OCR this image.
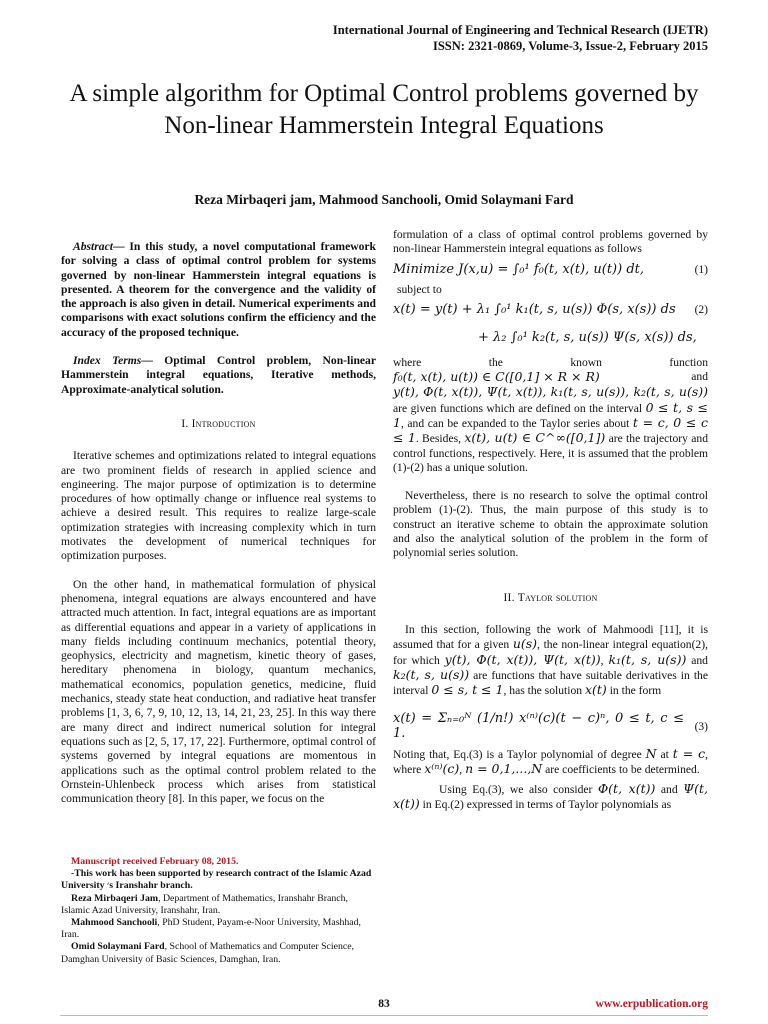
International Journal of Engineering and Technical Research (IJETR)
ISSN: 2321-0869, Volume-3, Issue-2, February 2015
A simple algorithm for Optimal Control problems governed by Non-linear Hammerstein Integral Equations
Reza Mirbaqeri jam, Mahmood Sanchooli, Omid Solaymani Fard

Abstract— In this study, a novel computational framework for solving a class of optimal control problem for systems governed by non-linear Hammerstein integral equations is presented. A theorem for the convergence and the validity of the approach is also given in detail. Numerical experiments and comparisons with exact solutions confirm the efficiency and the accuracy of the proposed technique.

Index Terms— Optimal Control problem, Non-linear Hammerstein integral equations, Iterative methods, Approximate-analytical solution.

I. Introduction

Iterative schemes and optimizations related to integral equations are two prominent fields of research in applied science and engineering. The major purpose of optimization is to determine procedures of how optimally change or influence real systems to achieve a desired result. This requires to realize large-scale optimization strategies with increasing complexity which in turn motivates the development of numerical techniques for optimization purposes.

On the other hand, in mathematical formulation of physical phenomena, integral equations are always encountered and have attracted much attention. In fact, integral equations are as important as differential equations and appear in a variety of applications in many fields including continuum mechanics, potential theory, geophysics, electricity and magnetism, kinetic theory of gases, hereditary phenomena in biology, quantum mechanics, mathematical economics, population genetics, medicine, fluid mechanics, steady state heat conduction, and radiative heat transfer problems [1, 3, 6, 7, 9, 10, 12, 13, 14, 21, 23, 25]. In this way there are many direct and indirect numerical solution for integral equations such as [2, 5, 17, 17, 22]. Furthermore, optimal control of systems governed by integral equations are momentous in applications such as the optimal control problem related to the Ornstein-Uhlenbeck process which arises from statistical communication theory [8]. In this paper, we focus on the

formulation of a class of optimal control problems governed by non-linear Hammerstein integral equations as follows

Minimize J(x,u) = ∫₀¹ f₀(t, x(t), u(t)) dt,	(1)

subject to

x(t) = y(t) + λ₁ ∫₀¹ k₁(t, s, u(s)) Φ(s, x(s)) ds	(2)
+ λ₂ ∫₀¹ k₂(t, s, u(s)) Ψ(s, x(s)) ds,

where the known function f₀(t, x(t), u(t)) ∈ C([0,1] × R × R)	and

y(t), Φ(t, x(t)), Ψ(t, x(t)), k₁(t, s, u(s)), k₂(t, s, u(s)) are given functions which are defined on the interval 0 ≤ t, s ≤ 1, and can be expanded to the Taylor series about t = c, 0 ≤ c ≤ 1. Besides, x(t), u(t) ∈ C^∞([0,1]) are the trajectory and control functions, respectively. Here, it is assumed that the problem (1)-(2) has a unique solution.

Nevertheless, there is no research to solve the optimal control problem (1)-(2). Thus, the main purpose of this study is to construct an iterative scheme to obtain the approximate solution and also the analytical solution of the problem in the form of polynomial series solution.

II. Taylor solution

In this section, following the work of Mahmoodi [11], it is assumed that for a given u(s), the non-linear integral equation(2), for which y(t), Φ(t, x(t)), Ψ(t, x(t)), k₁(t, s, u(s)) and k₂(t, s, u(s)) are functions that have suitable derivatives in the interval 0 ≤ s, t ≤ 1, has the solution x(t) in the form

x(t) = Σₙ₌₀ᴺ (1/n!) x⁽ⁿ⁾(c)(t − c)ⁿ, 0 ≤ t, c ≤ 1.	(3)

Noting that, Eq.(3) is a Taylor polynomial of degree N at t = c, where x⁽ⁿ⁾(c), n = 0,1,...,N are coefficients to be determined.

Using Eq.(3), we also consider Φ(t, x(t)) and Ψ(t, x(t)) in Eq.(2) expressed in terms of Taylor polynomials as

Manuscript received February 08, 2015.

-This work has been supported by research contract of the Islamic Azad University ׳s Iranshahr branch.

Reza Mirbaqeri Jam, Department of Mathematics, Iranshahr Branch, Islamic Azad University, Iranshahr, Iran.

Mahmood Sanchooli, PhD Student, Payam-e-Noor University, Mashhad, Iran.

Omid Solaymani Fard, School of Mathematics and Computer Science, Damghan University of Basic Sciences, Damghan, Iran.

83	www.erpublication.org
